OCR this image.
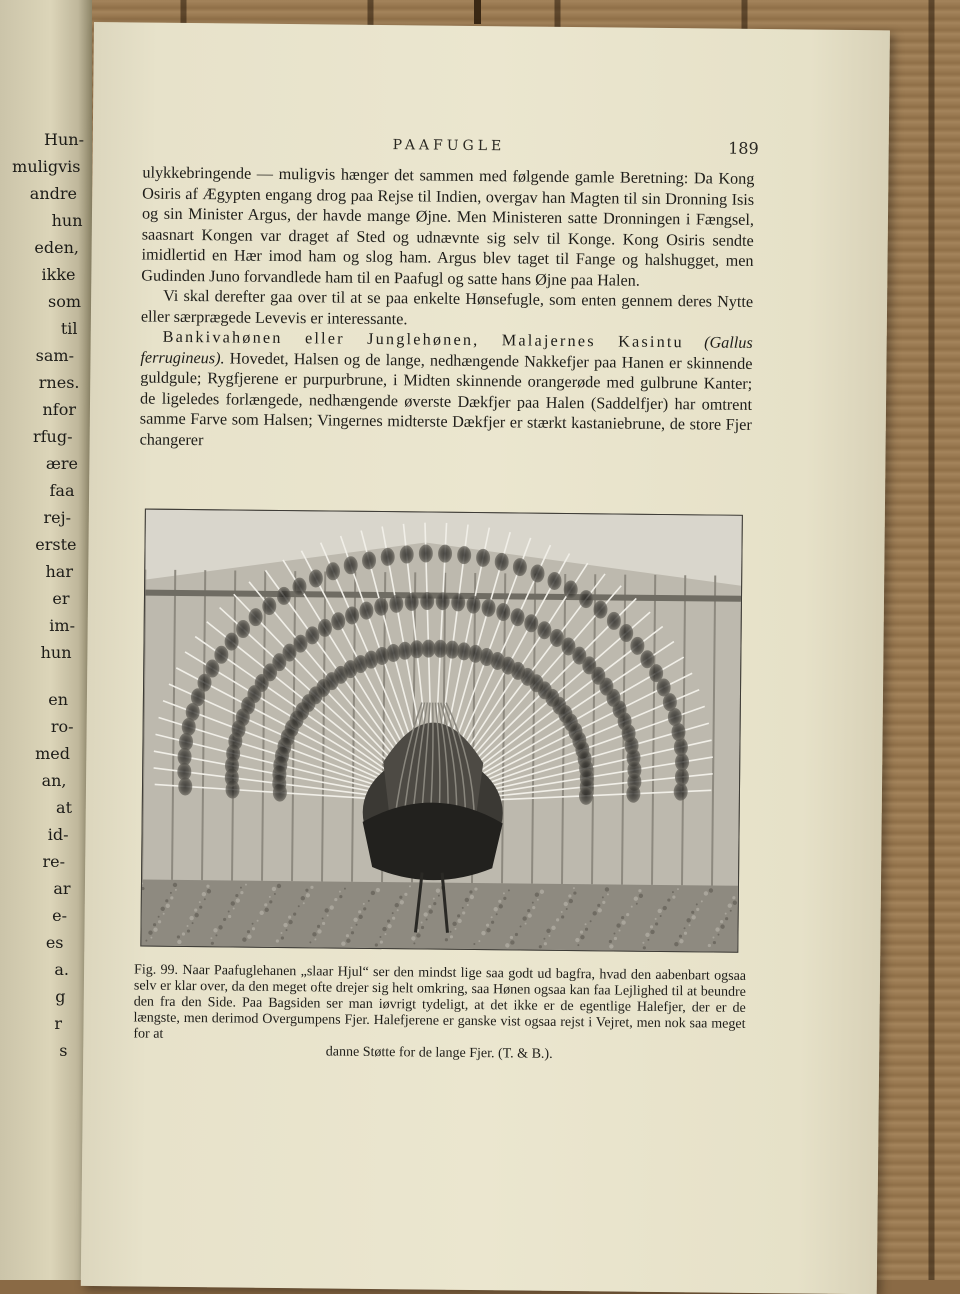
Hun-
muligvis
andre
hun
eden,
ikke
som
til
sam-
rnes.
nfor
rfug-
ære
faa
rej-
erste
har
er
im-
hun
en
ro-
med
an,
at
id-
re-
ar
e-
es
a.
g
r
s
PAAFUGLE	189

ulykkebringende — muligvis hænger det sammen med følgende gamle Beretning: Da Kong Osiris af Ægypten engang drog paa Rejse til Indien, overgav han Magten til sin Dronning Isis og sin Minister Argus, der havde mange Øjne. Men Ministeren satte Dronningen i Fængsel, saasnart Kongen var draget af Sted og udnævnte sig selv til Konge. Kong Osiris sendte imidlertid en Hær imod ham og slog ham. Argus blev taget til Fange og halshugget, men Gudinden Juno forvandlede ham til en Paafugl og satte hans Øjne paa Halen.

Vi skal derefter gaa over til at se paa enkelte Hønsefugle, som enten gennem deres Nytte eller særprægede Levevis er interessante.

Bankivahønen eller Junglehønen, Malajernes Kasintu (Gallus ferrugineus). Hovedet, Halsen og de lange, nedhængende Nakkefjer paa Hanen er skinnende guldgule; Rygfjerene er purpurbrune, i Midten skinnende orangerøde med gulbrune Kanter; de ligeledes forlængede, nedhængende øverste Dækfjer paa Halen (Saddelfjer) har omtrent samme Farve som Halsen; Vingernes midterste Dækfjer er stærkt kastaniebrune, de store Fjer changerer

Fig. 99. Naar Paafuglehanen „slaar Hjul“ ser den mindst lige saa godt ud bagfra, hvad den aabenbart ogsaa selv er klar over, da den meget ofte drejer sig helt omkring, saa Hønen ogsaa kan faa Lejlighed til at beundre den fra den Side. Paa Bagsiden ser man iøvrigt tydeligt, at det ikke er de egentlige Halefjer, der er de længste, men derimod Overgumpens Fjer. Halefjerene er ganske vist ogsaa rejst i Vejret, men nok saa meget for at
danne Støtte for de lange Fjer. (T. & B.).
